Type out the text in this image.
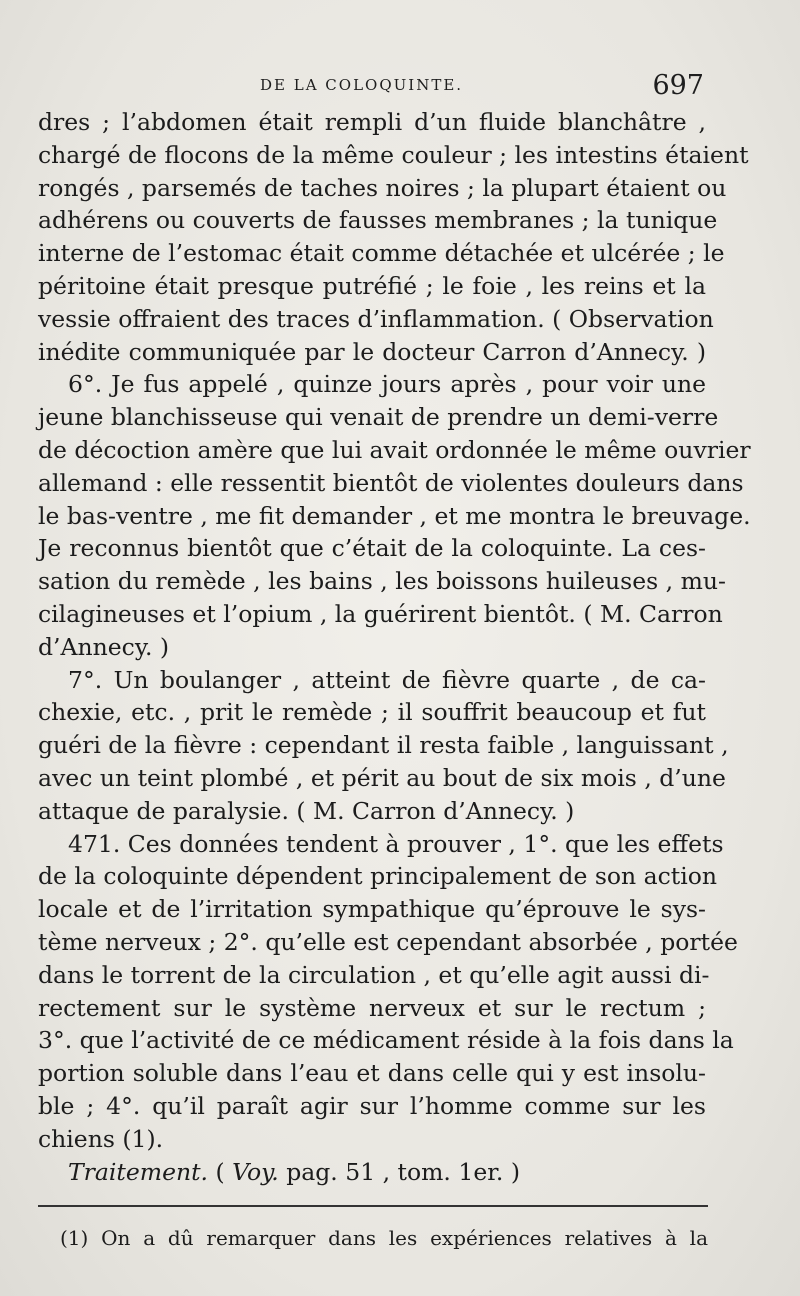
DE LA COLOQUINTE.	697
dres ; l’abdomen était rempli d’un fluide blanchâtre ,
chargé de flocons de la même couleur ; les intestins étaient
rongés , parsemés de taches noires ; la plupart étaient ou
adhérens ou couverts de fausses membranes ; la tunique
interne de l’estomac était comme détachée et ulcérée ; le
péritoine était presque putréfié ; le foie , les reins et la
vessie offraient des traces d’inflammation. ( Observation
inédite communiquée par le docteur Carron d’Annecy. )
6°. Je fus appelé , quinze jours après , pour voir une
jeune blanchisseuse qui venait de prendre un demi-verre
de décoction amère que lui avait ordonnée le même ouvrier
allemand : elle ressentit bientôt de violentes douleurs dans
le bas-ventre , me fit demander , et me montra le breuvage.
Je reconnus bientôt que c’était de la coloquinte. La ces-
sation du remède , les bains , les boissons huileuses , mu-
cilagineuses et l’opium , la guérirent bientôt. ( M. Carron
d’Annecy. )
7°. Un boulanger , atteint de fièvre quarte , de ca-
chexie, etc. , prit le remède ; il souffrit beaucoup et fut
guéri de la fièvre : cependant il resta faible , languissant ,
avec un teint plombé , et périt au bout de six mois , d’une
attaque de paralysie. ( M. Carron d’Annecy. )
471. Ces données tendent à prouver , 1°. que les effets
de la coloquinte dépendent principalement de son action
locale et de l’irritation sympathique qu’éprouve le sys-
tème nerveux ; 2°. qu’elle est cependant absorbée , portée
dans le torrent de la circulation , et qu’elle agit aussi di-
rectement sur le système nerveux et sur le rectum ;
3°. que l’activité de ce médicament réside à la fois dans la
portion soluble dans l’eau et dans celle qui y est insolu-
ble ; 4°. qu’il paraît agir sur l’homme comme sur les
chiens (1).
Traitement. ( Voy. pag. 51 , tom. 1er. )
(1) On a dû remarquer dans les expériences relatives à la
